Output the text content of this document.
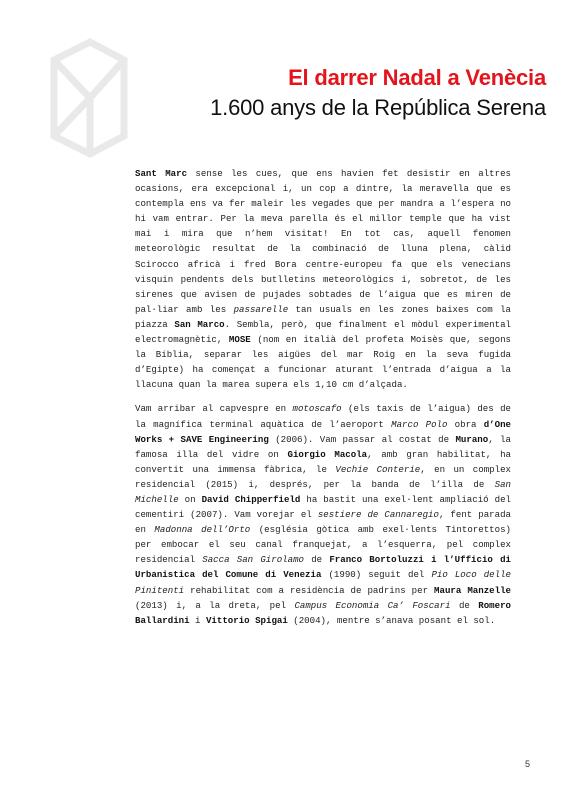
El darrer Nadal a Venècia
1.600 anys de la República Serena

Sant Marc sense les cues, que ens havien fet desistir en altres ocasions, era excepcional i, un cop a dintre, la meravella que es contempla ens va fer maleir les vegades que per mandra a l’espera no hi vam entrar. Per la meva parella és el millor temple que ha vist mai i mira que n’hem visitat! En tot cas, aquell fenomen meteorològic resultat de la combinació de lluna plena, càlid Scirocco africà i fred Bora centre-europeu fa que els venecians visquin pendents dels butlletins meteorològics i, sobretot, de les sirenes que avisen de pujades sobtades de l’aigua que es miren de pal·liar amb les passarelle tan usuals en les zones baixes com la piazza San Marco. Sembla, però, que finalment el mòdul experimental electromagnètic, MOSE (nom en italià del profeta Moisès que, segons la Bíblia, separar les aigües del mar Roig en la seva fugida d’Egipte) ha començat a funcionar aturant l’entrada d’aigua a la llacuna quan la marea supera els 1,10 cm d’alçada.

Vam arribar al capvespre en motoscafo (els taxis de l’aigua) des de la magnífica terminal aquàtica de l’aeroport Marco Polo obra d’One Works + SAVE Engineering (2006). Vam passar al costat de Murano, la famosa illa del vidre on Giorgio Macola, amb gran habilitat, ha convertit una immensa fàbrica, le Vechie Conterie, en un complex residencial (2015) i, després, per la banda de l’illa de San Michelle on David Chipperfield ha bastit una exel·lent ampliació del cementiri (2007). Vam vorejar el sestiere de Cannaregio, fent parada en Madonna dell’Orto (església gòtica amb exel·lents Tintorettos) per embocar el seu canal franquejat, a l’esquerra, pel complex residencial Sacca San Girolamo de Franco Bortoluzzi i l’Ufficio di Urbanistica del Comune di Venezia (1990) seguit del Pio Loco delle Pinitenti rehabilitat com a residència de padrins per Maura Manzelle (2013) i, a la dreta, pel Campus Economia Ca’ Foscari de Romero Ballardini i Vittorio Spigai (2004), mentre s’anava posant el sol.

5
